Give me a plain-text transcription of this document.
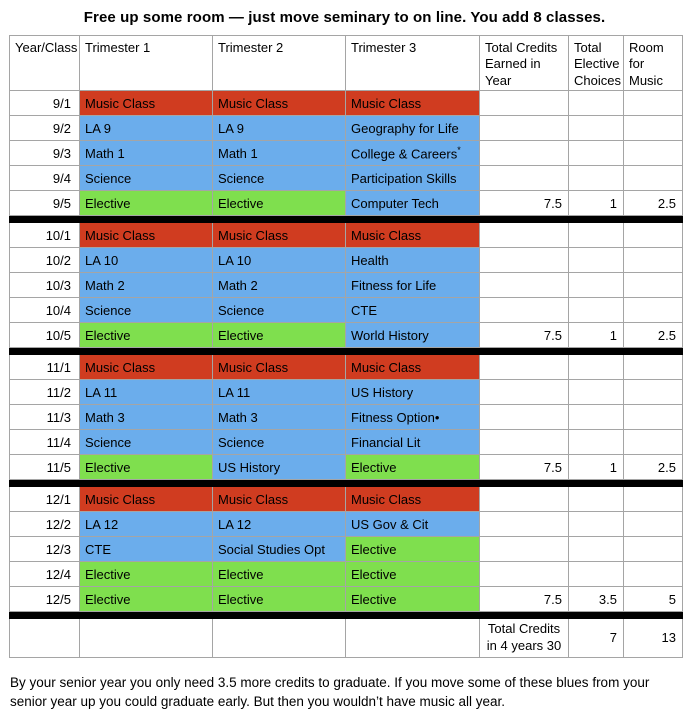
Free up some room — just move seminary to on line. You add 8 classes.
Year/Class	Trimester 1	Trimester 2	Trimester 3	Total Credits Earned in Year	Total Elective Choices	Room for Music
9/1	Music Class	Music Class	Music Class			
9/2	LA 9	LA 9	Geography for Life			
9/3	Math 1	Math 1	College & Careers*			
9/4	Science	Science	Participation Skills			
9/5	Elective	Elective	Computer Tech	7.5	1	2.5

10/1	Music Class	Music Class	Music Class			
10/2	LA 10	LA 10	Health			
10/3	Math 2	Math 2	Fitness for Life			
10/4	Science	Science	CTE			
10/5	Elective	Elective	World History	7.5	1	2.5

11/1	Music Class	Music Class	Music Class			
11/2	LA 11	LA 11	US History			
11/3	Math 3	Math 3	Fitness Option•			
11/4	Science	Science	Financial Lit			
11/5	Elective	US History	Elective	7.5	1	2.5

12/1	Music Class	Music Class	Music Class			
12/2	LA 12	LA 12	US Gov & Cit			
12/3	CTE	Social Studies Opt	Elective			
12/4	Elective	Elective	Elective			
12/5	Elective	Elective	Elective	7.5	3.5	5

				Total Credits in 4 years 30	7	13

By your senior year you only need 3.5 more credits to graduate. If you move some of these blues from your senior year up you could graduate early. But then you wouldn’t have music all year.
